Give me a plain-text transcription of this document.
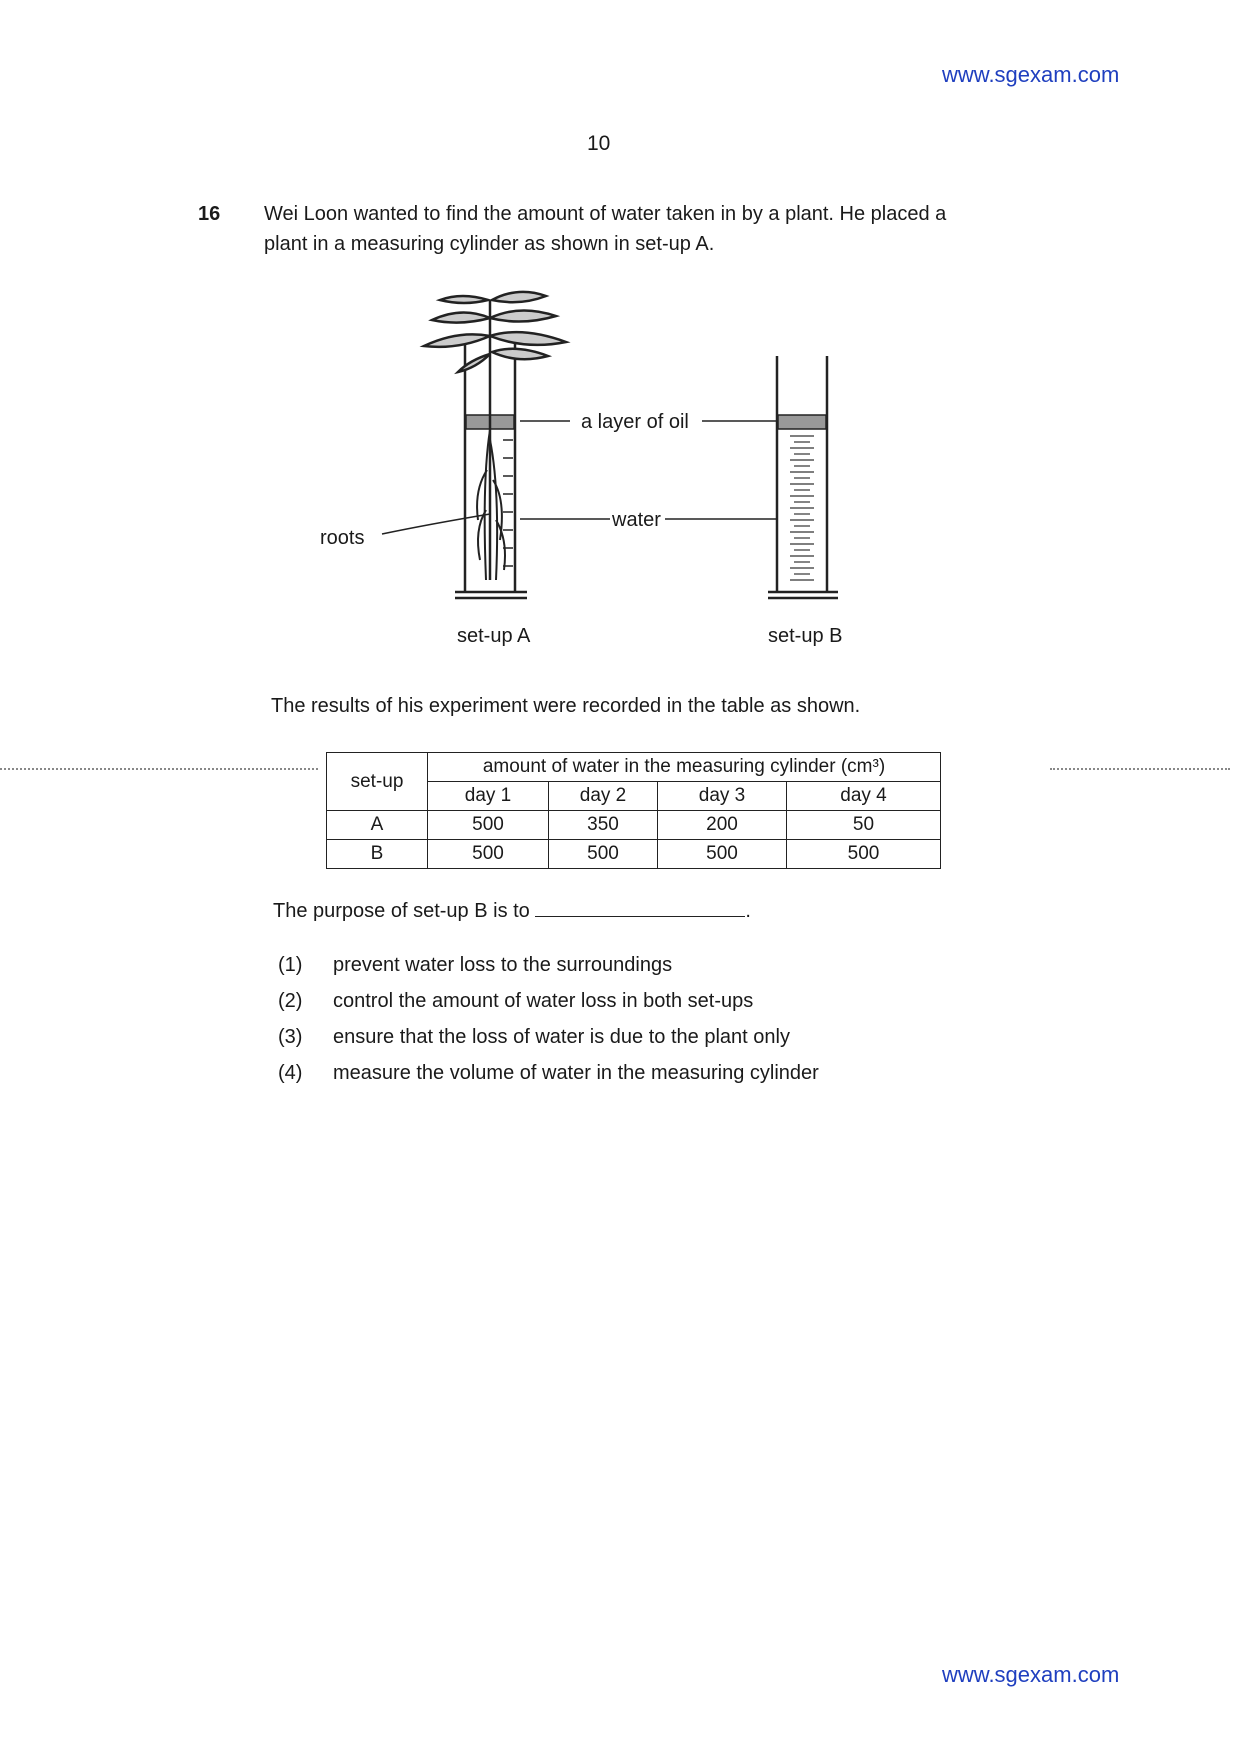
www.sgexam.com
10
16 Wei Loon wanted to find the amount of water taken in by a plant. He placed a
plant in a measuring cylinder as shown in set-up A.
a layer of oil
water
roots
set-up A	set-up B
The results of his experiment were recorded in the table as shown.
set-up	amount of water in the measuring cylinder (cm³)			
	day 1	day 2	day 3	day 4
A	500	350	200	50
B	500	500	500	500
The purpose of set-up B is to	.
(1) prevent water loss to the surroundings
(2) control the amount of water loss in both set-ups
(3) ensure that the loss of water is due to the plant only
(4) measure the volume of water in the measuring cylinder
www.sgexam.com
